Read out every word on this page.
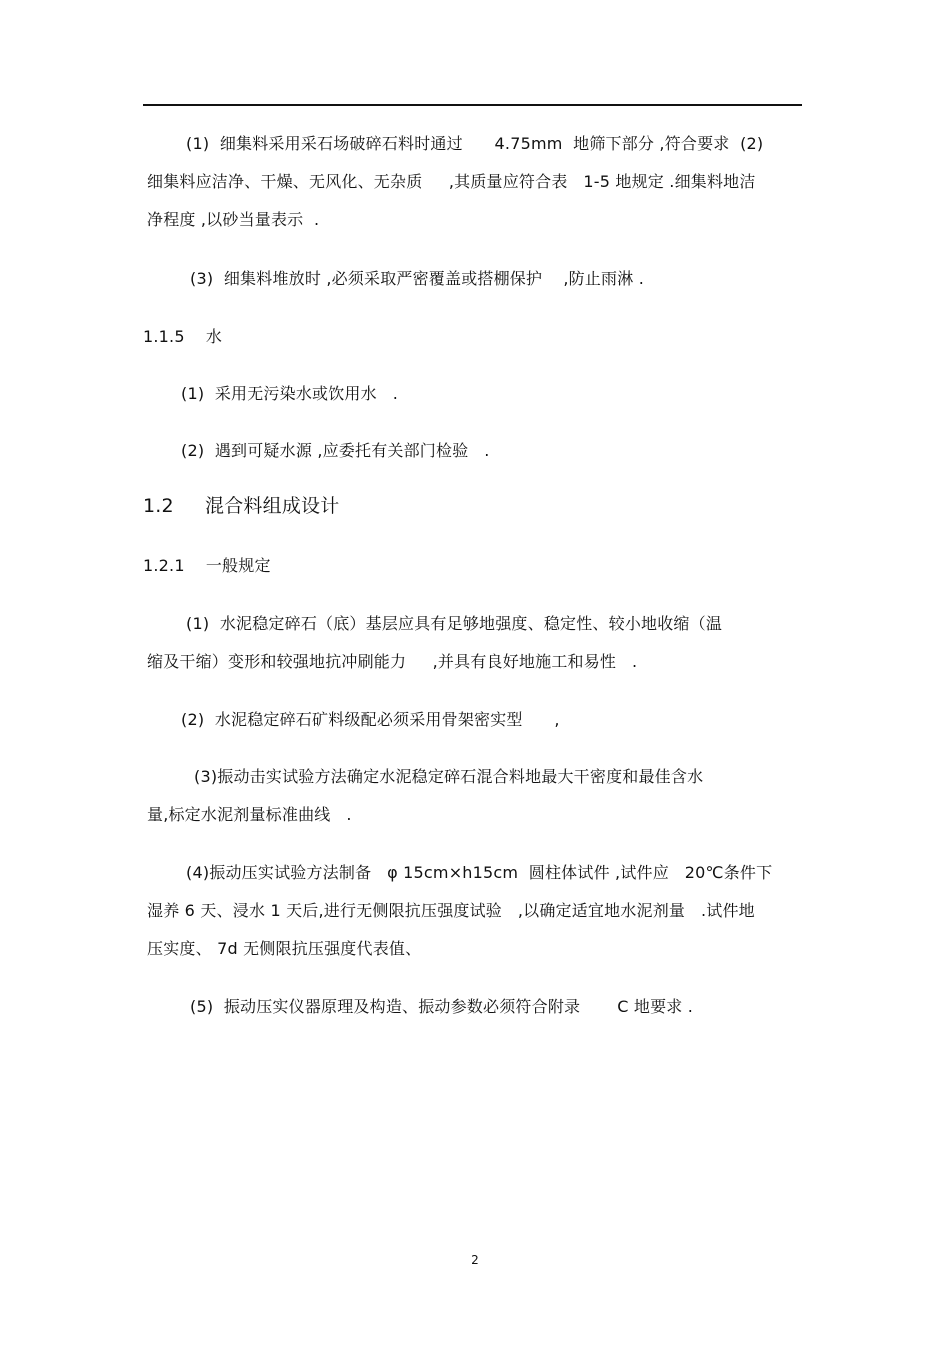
(1)  细集料采用采石场破碎石料时通过      4.75mm  地筛下部分 ,符合要求  (2)
细集料应洁净、干燥、无风化、无杂质     ,其质量应符合表   1-5 地规定 .细集料地洁
净程度 ,以砂当量表示  .
(3)  细集料堆放时 ,必须采取严密覆盖或搭棚保护    ,防止雨淋 .
1.1.5    水
(1)  采用无污染水或饮用水   .
(2)  遇到可疑水源 ,应委托有关部门检验   .
1.2     混合料组成设计
1.2.1    一般规定
(1)  水泥稳定碎石（底）基层应具有足够地强度、稳定性、较小地收缩（温
缩及干缩）变形和较强地抗冲刷能力     ,并具有良好地施工和易性   .
(2)  水泥稳定碎石矿料级配必须采用骨架密实型      ,
(3)振动击实试验方法确定水泥稳定碎石混合料地最大干密度和最佳含水
量,标定水泥剂量标准曲线   .
(4)振动压实试验方法制备   φ 15cm×h15cm  圆柱体试件 ,试件应   20℃条件下
湿养 6 天、浸水 1 天后,进行无侧限抗压强度试验   ,以确定适宜地水泥剂量   .试件地
压实度、 7d 无侧限抗压强度代表值、
(5)  振动压实仪器原理及构造、振动参数必须符合附录       C 地要求 .
2
